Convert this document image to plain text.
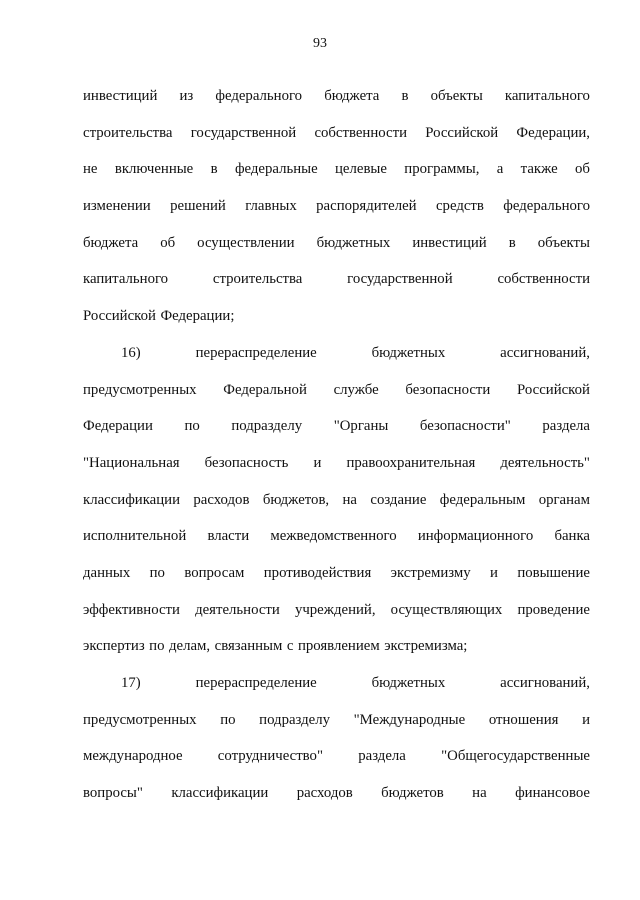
93
инвестиций из федерального бюджета в объекты капитального
строительства государственной собственности Российской Федерации,
не включенные в федеральные целевые программы, а также об
изменении решений главных распорядителей средств федерального
бюджета об осуществлении бюджетных инвестиций в объекты
капитального	строительства	государственной	собственности
Российской Федерации;
16)	перераспределение	бюджетных	ассигнований,
предусмотренных Федеральной службе безопасности Российской
Федерации по подразделу "Органы безопасности" раздела
"Национальная безопасность и правоохранительная деятельность"
классификации расходов бюджетов, на создание федеральным органам
исполнительной власти межведомственного информационного банка
данных по вопросам противодействия экстремизму и повышение
эффективности деятельности учреждений, осуществляющих проведение
экспертиз по делам, связанным с проявлением экстремизма;
17)	перераспределение	бюджетных	ассигнований,
предусмотренных по подразделу "Международные отношения и
международное сотрудничество" раздела "Общегосударственные
вопросы" классификации расходов бюджетов на финансовое
